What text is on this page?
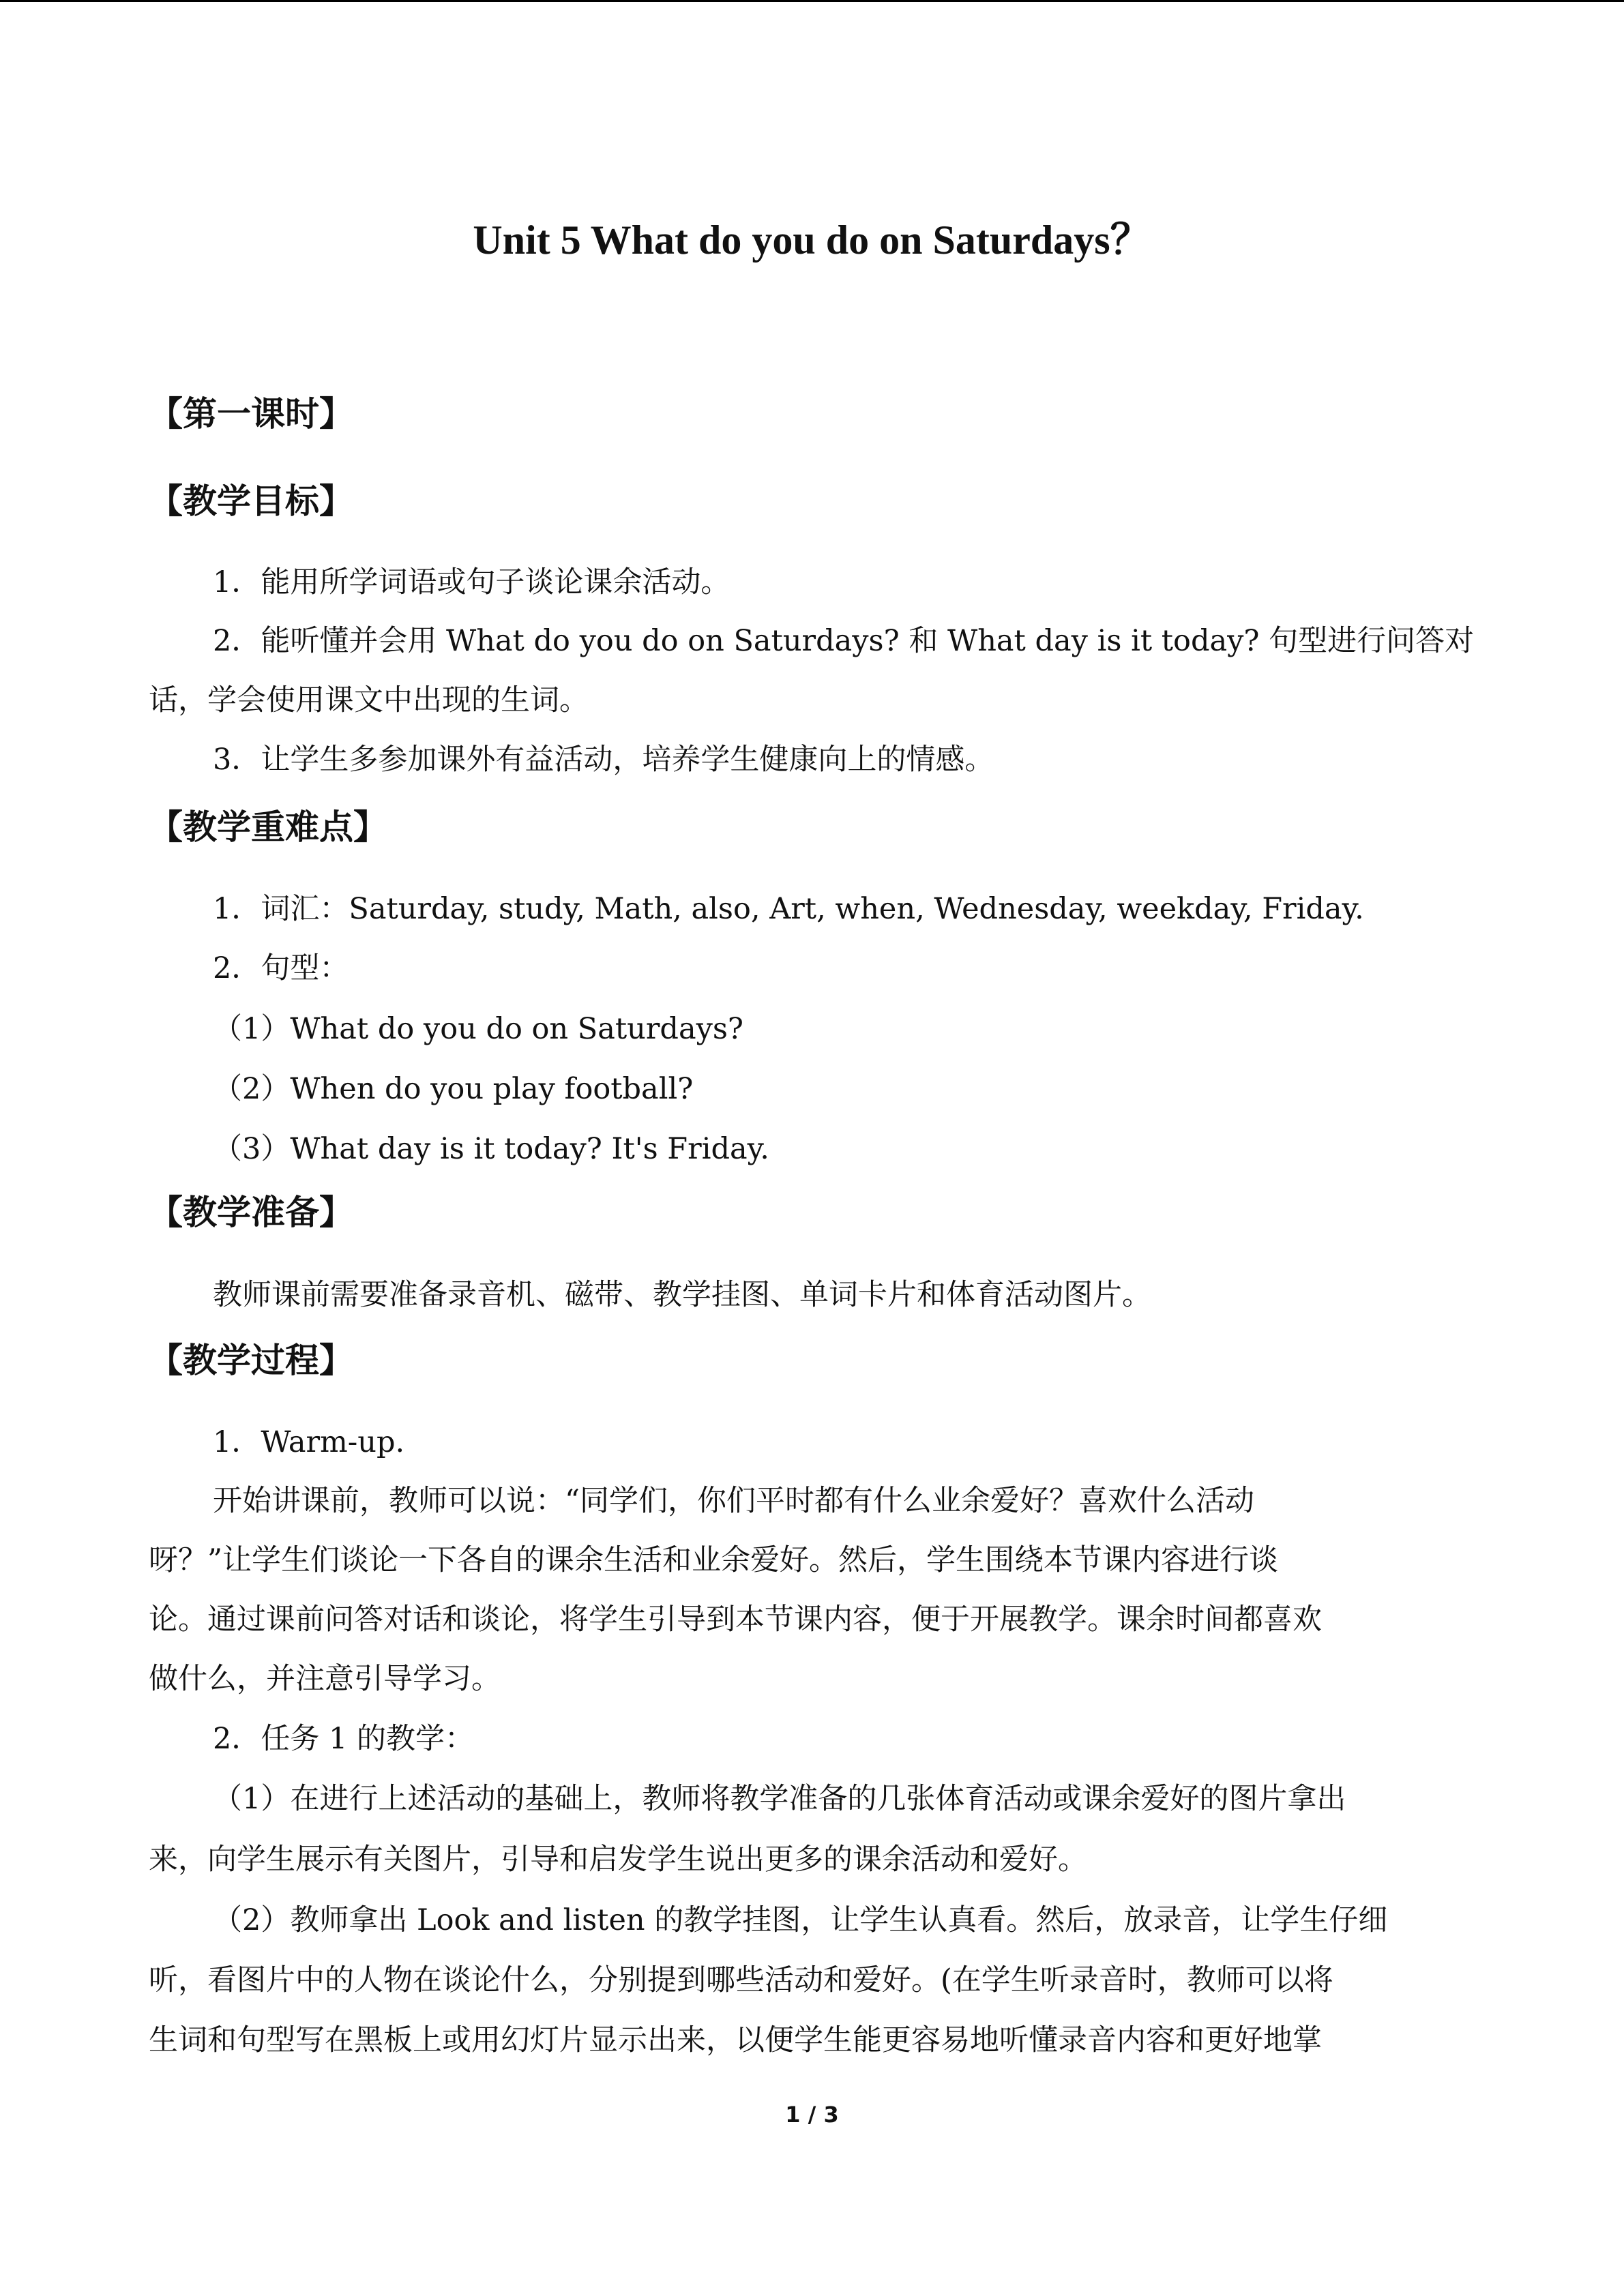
Unit 5 What do you do on Saturdays？
【第一课时】
【教学目标】
1．能用所学词语或句子谈论课余活动。
2．能听懂并会用 What do you do on Saturdays? 和 What day is it today? 句型进行问答对
话，学会使用课文中出现的生词。
3．让学生多参加课外有益活动，培养学生健康向上的情感。
【教学重难点】
1．词汇：Saturday, study, Math, also, Art, when, Wednesday, weekday, Friday.
2．句型：
（1）What do you do on Saturdays?
（2）When do you play football?
（3）What day is it today? It's Friday.
【教学准备】
教师课前需要准备录音机、磁带、教学挂图、单词卡片和体育活动图片。
【教学过程】
1．Warm-up.
开始讲课前，教师可以说：“同学们，你们平时都有什么业余爱好？喜欢什么活动
呀？”让学生们谈论一下各自的课余生活和业余爱好。然后，学生围绕本节课内容进行谈
论。通过课前问答对话和谈论，将学生引导到本节课内容，便于开展教学。课余时间都喜欢
做什么，并注意引导学习。
2．任务 1 的教学：
（1）在进行上述活动的基础上，教师将教学准备的几张体育活动或课余爱好的图片拿出
来，向学生展示有关图片，引导和启发学生说出更多的课余活动和爱好。
（2）教师拿出 Look and listen 的教学挂图，让学生认真看。然后，放录音，让学生仔细
听，看图片中的人物在谈论什么，分别提到哪些活动和爱好。(在学生听录音时，教师可以将
生词和句型写在黑板上或用幻灯片显示出来，以便学生能更容易地听懂录音内容和更好地掌
1 / 3
